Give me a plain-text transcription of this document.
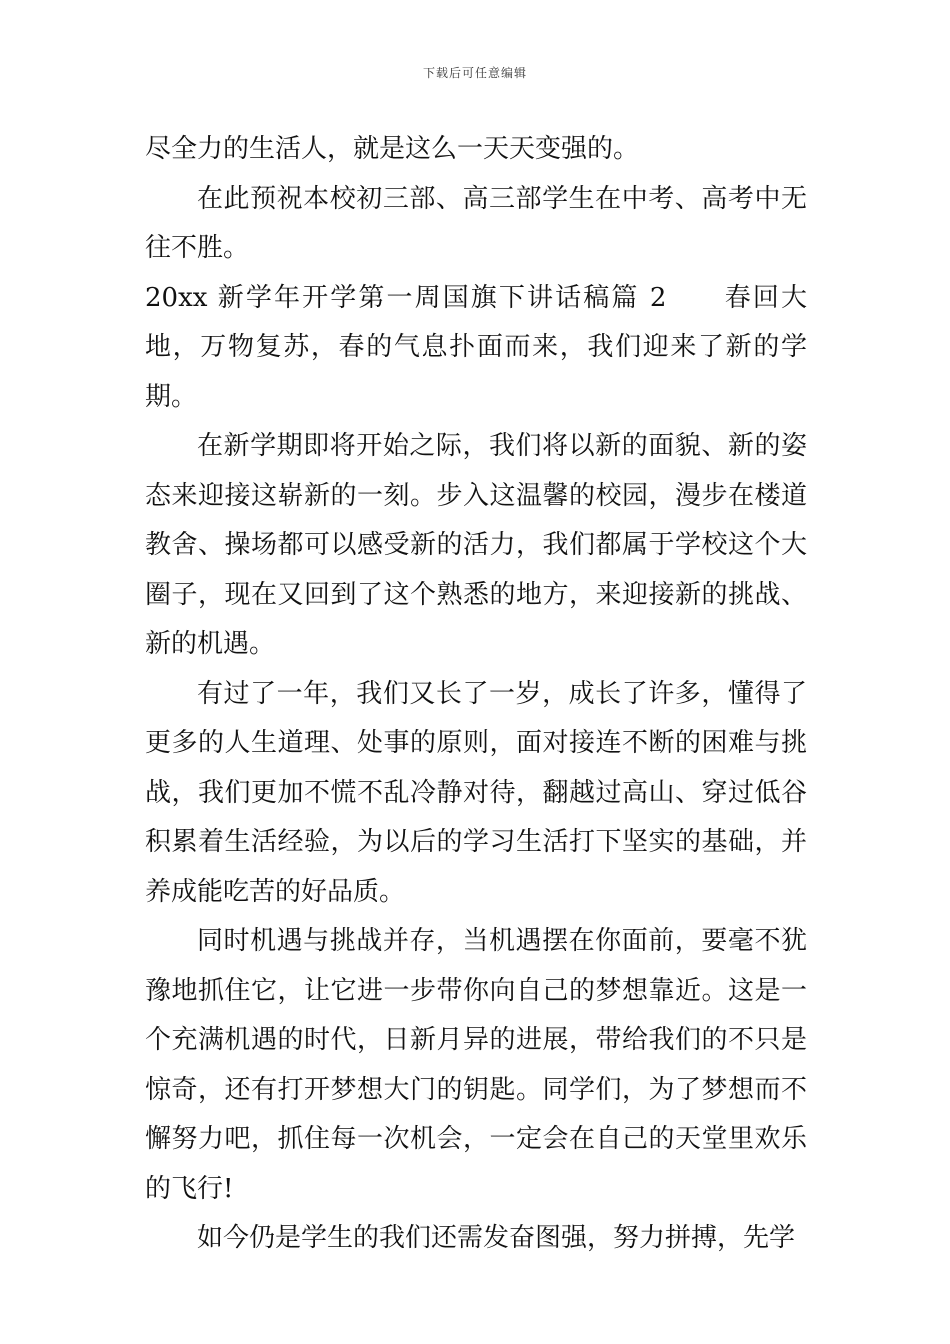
下载后可任意编辑

尽全力的生活人，就是这么一天天变强的。

在此预祝本校初三部、高三部学生在中考、高考中无往不胜。

20xx 新学年开学第一周国旗下讲话稿篇 2　　 春回大地，万物复苏，春的气息扑面而来，我们迎来了新的学期。

在新学期即将开始之际，我们将以新的面貌、新的姿态来迎接这崭新的一刻。步入这温馨的校园，漫步在楼道教舍、操场都可以感受新的活力，我们都属于学校这个大圈子，现在又回到了这个熟悉的地方，来迎接新的挑战、新的机遇。

有过了一年，我们又长了一岁，成长了许多，懂得了更多的人生道理、处事的原则，面对接连不断的困难与挑战，我们更加不慌不乱冷静对待，翻越过高山、穿过低谷积累着生活经验，为以后的学习生活打下坚实的基础，并养成能吃苦的好品质。

同时机遇与挑战并存，当机遇摆在你面前，要毫不犹豫地抓住它，让它进一步带你向自己的梦想靠近。这是一个充满机遇的时代，日新月异的进展，带给我们的不只是惊奇，还有打开梦想大门的钥匙。同学们，为了梦想而不懈努力吧，抓住每一次机会，一定会在自己的天堂里欢乐的飞行!

如今仍是学生的我们还需发奋图强，努力拼搏，先学
